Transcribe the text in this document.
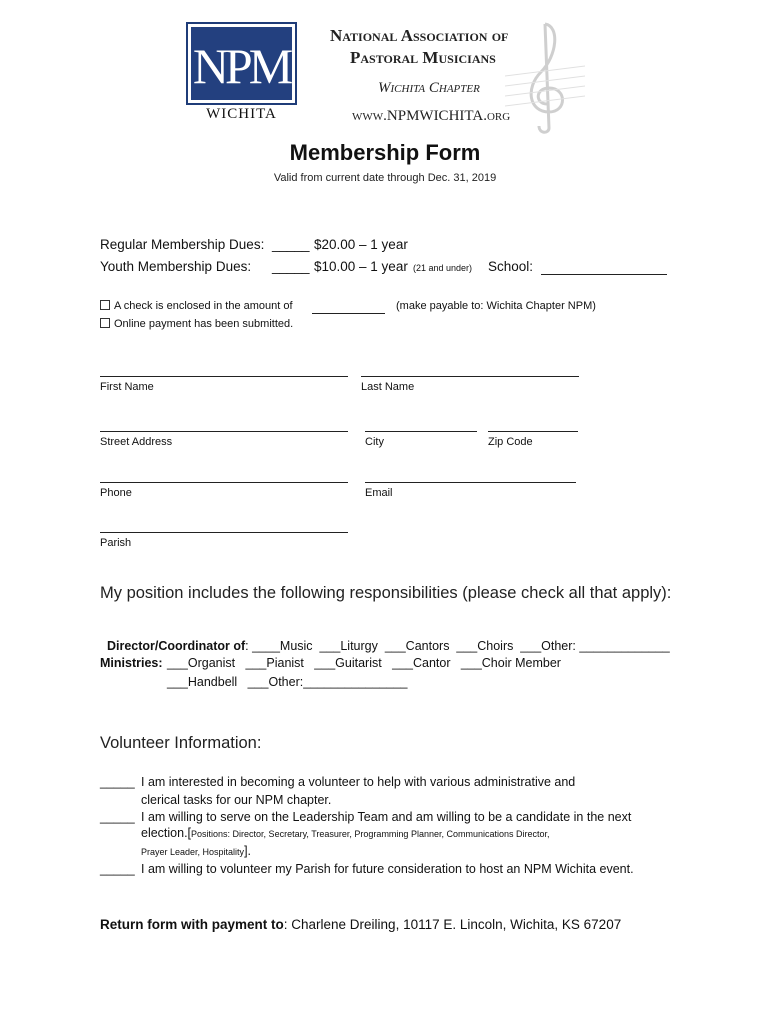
NPM
WICHITA
National Association of
Pastoral Musicians
Wichita Chapter
www.NPMWICHITA.org
Membership Form
Valid from current date through Dec. 31, 2019
Regular Membership Dues: _____ $20.00 – 1 year
Youth Membership Dues: _____ $10.00 – 1 year (21 and under) School:
A check is enclosed in the amount of	(make payable to: Wichita Chapter NPM)
Online payment has been submitted.
First Name	Last Name
Street Address	City	Zip Code
Phone	Email
Parish
My position includes the following responsibilities (please check all that apply):

Director/Coordinator of: ____Music  ___Liturgy  ___Cantors  ___Choirs  ___Other: _____________

Ministries: ___Organist   ___Pianist   ___Guitarist   ___Cantor   ___Choir Member
___Handbell   ___Other:_______________
Volunteer Information:
_____ I am interested in becoming a volunteer to help with various administrative and
clerical tasks for our NPM chapter.
_____ I am willing to serve on the Leadership Team and am willing to be a candidate in the next
election.[Positions: Director, Secretary, Treasurer, Programming Planner, Communications Director,
Prayer Leader, Hospitality].
_____ I am willing to volunteer my Parish for future consideration to host an NPM Wichita event.
Return form with payment to: Charlene Dreiling, 10117 E. Lincoln, Wichita, KS 67207
